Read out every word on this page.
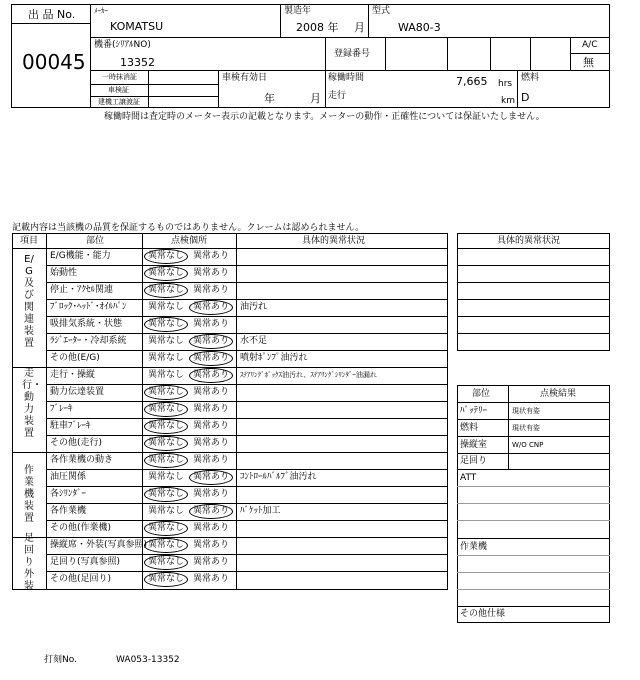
出 品 No.
00045
ﾒｰｶｰ
KOMATSU
製造年
2008 年 月
型式
WA80-3
機番(ｼﾘｱﾙNO)
13352
登録番号
A/C
無
一時抹消証
車検証
建機工譲渡証
車検有効日
年	月
稼働時間	7,665 hrs
走行	km
燃料
D
稼働時間は査定時のメーター表示の記載となります。メーターの動作・正確性については保証いたしません。
記載内容は当該機の品質を保証するものではありません。クレームは認められません。
項目	部位	点検個所	具体的異常状況
E/G機能・能力	異常なし 異常あり
始動性	異常なし 異常あり
停止・ｱｸｾﾙ関連	異常なし 異常あり
ﾌﾞﾛｯｸ･ﾍｯﾄﾞ･ｵｲﾙﾊﾟﾝ 異常なし 異常あり 油汚れ
吸排気系統・状態	異常なし 異常あり
ﾗｼﾞｴｰﾀｰ・冷却系統 異常なし 異常あり 水不足
その他(E/G)	異常なし 異常あり 噴射ﾎﾟﾝﾌﾟ油汚れ
E/G及び関連装置
走行・操縦	異常なし 異常あり ｽﾃｱﾘﾝｸﾞﾎﾞｯｸｽ油汚れ、ｽﾃｱﾘﾝｸﾞｼﾘﾝﾀﾞｰ油漏れ
動力伝達装置	異常なし 異常あり
ﾌﾞﾚｰｷ	異常なし 異常あり
駐車ﾌﾞﾚｰｷ	異常なし 異常あり
その他(走行)	異常なし 異常あり
走行・動力装置
各作業機の動き	異常なし 異常あり
油圧関係	異常なし 異常あり ｺﾝﾄﾛｰﾙﾊﾞﾙﾌﾞ油汚れ
各ｼﾘﾝﾀﾞｰ	異常なし 異常あり
各作業機	異常なし 異常あり ﾊﾞｹｯﾄ加工
その他(作業機)	異常なし 異常あり
作業機装置
操縦席・外装(写真参照) 異常なし 異常あり
足回り(写真参照)	異常なし 異常あり
その他(足回り)	異常なし 異常あり
足回り外装
具体的異常状況
部位	点検結果
ﾊﾞｯﾃﾘｰ	現状有姿
燃料	現状有姿
操縦室	W/O CNP
足回り
ATT
作業機
その他仕様
打刻No.	WA053-13352
